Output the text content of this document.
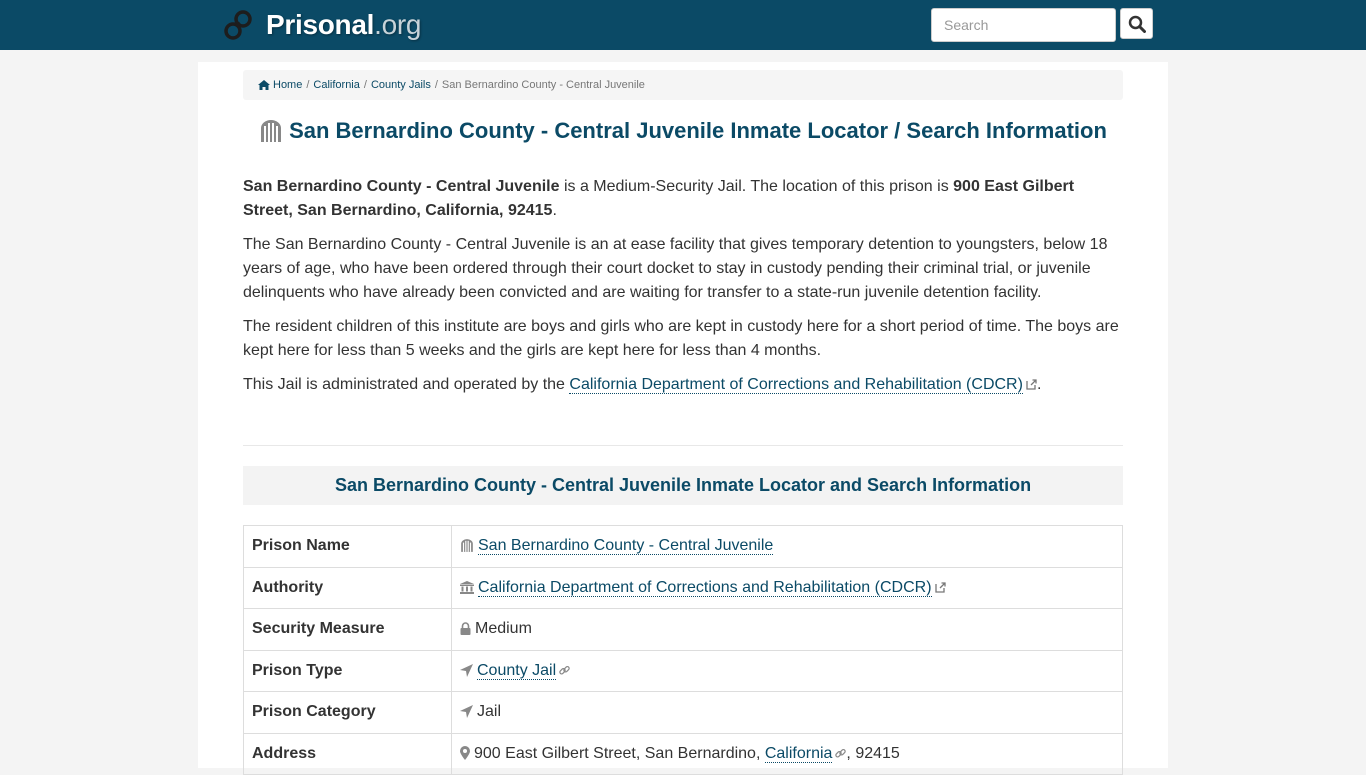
Prisonal.org
Search
Home / California / County Jails / San Bernardino County - Central Juvenile
San Bernardino County - Central Juvenile Inmate Locator / Search Information

San Bernardino County - Central Juvenile is a Medium-Security Jail. The location of this prison is 900 East Gilbert Street, San Bernardino, California, 92415.

The San Bernardino County - Central Juvenile is an at ease facility that gives temporary detention to youngsters, below 18 years of age, who have been ordered through their court docket to stay in custody pending their criminal trial, or juvenile delinquents who have already been convicted and are waiting for transfer to a state-run juvenile detention facility.

The resident children of this institute are boys and girls who are kept in custody here for a short period of time. The boys are kept here for less than 5 weeks and the girls are kept here for less than 4 months.

This Jail is administrated and operated by the California Department of Corrections and Rehabilitation (CDCR) .

San Bernardino County - Central Juvenile Inmate Locator and Search Information
Prison Name	San Bernardino County - Central Juvenile
Authority	California Department of Corrections and Rehabilitation (CDCR)
Security Measure	Medium
Prison Type	County Jail
Prison Category	Jail
Address	900 East Gilbert Street, San Bernardino, California , 92415
